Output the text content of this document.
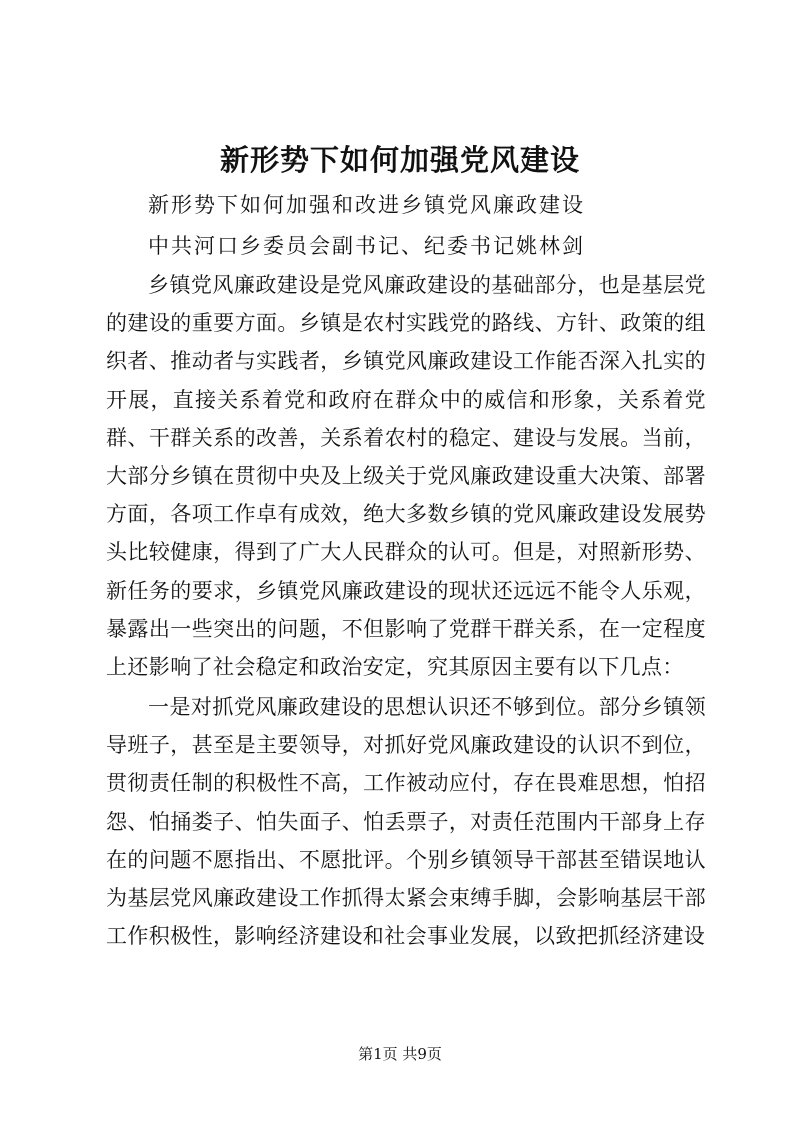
新形势下如何加强党风建设
新形势下如何加强和改进乡镇党风廉政建设
中共河口乡委员会副书记、纪委书记姚林剑

乡镇党风廉政建设是党风廉政建设的基础部分，也是基层党的建设的重要方面。乡镇是农村实践党的路线、方针、政策的组织者、推动者与实践者，乡镇党风廉政建设工作能否深入扎实的开展，直接关系着党和政府在群众中的威信和形象，关系着党群、干群关系的改善，关系着农村的稳定、建设与发展。当前，大部分乡镇在贯彻中央及上级关于党风廉政建设重大决策、部署方面，各项工作卓有成效，绝大多数乡镇的党风廉政建设发展势头比较健康，得到了广大人民群众的认可。但是，对照新形势、新任务的要求，乡镇党风廉政建设的现状还远远不能令人乐观，暴露出一些突出的问题，不但影响了党群干群关系，在一定程度上还影响了社会稳定和政治安定，究其原因主要有以下几点：

一是对抓党风廉政建设的思想认识还不够到位。部分乡镇领导班子，甚至是主要领导，对抓好党风廉政建设的认识不到位，贯彻责任制的积极性不高，工作被动应付，存在畏难思想，怕招怨、怕捅娄子、怕失面子、怕丢票子，对责任范围内干部身上存在的问题不愿指出、不愿批评。个别乡镇领导干部甚至错误地认为基层党风廉政建设工作抓得太紧会束缚手脚，会影响基层干部工作积极性，影响经济建设和社会事业发展，以致把抓经济建设

第1页 共9页
